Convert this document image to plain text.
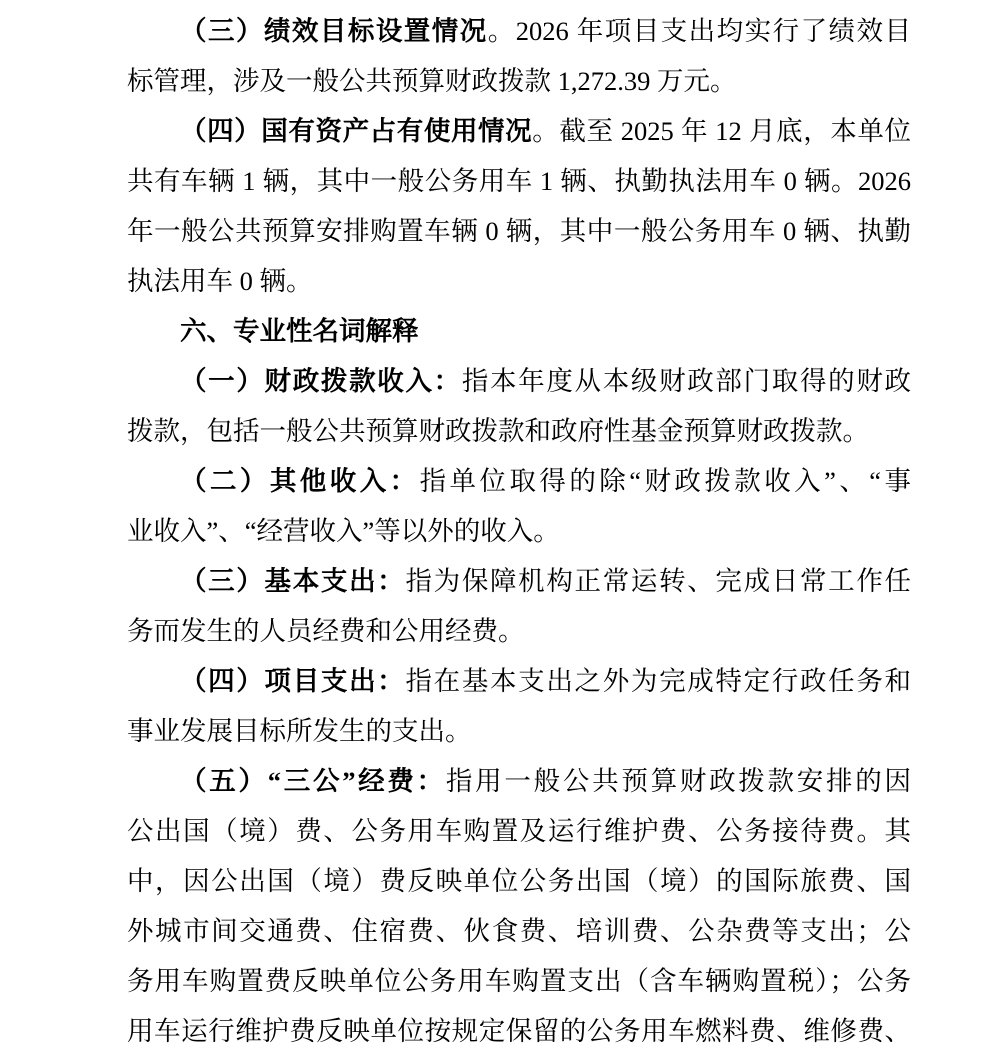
（三）绩效目标设置情况。2026 年项目支出均实行了绩效目
标管理，涉及一般公共预算财政拨款 1,272.39 万元。
（四）国有资产占有使用情况。截至 2025 年 12 月底，本单位
共有车辆 1 辆，其中一般公务用车 1 辆、执勤执法用车 0 辆。2026
年一般公共预算安排购置车辆 0 辆，其中一般公务用车 0 辆、执勤
执法用车 0 辆。
六、专业性名词解释
（一）财政拨款收入：指本年度从本级财政部门取得的财政
拨款，包括一般公共预算财政拨款和政府性基金预算财政拨款。
（二）其他收入：指单位取得的除“财政拨款收入”、“事
业收入”、“经营收入”等以外的收入。
（三）基本支出：指为保障机构正常运转、完成日常工作任
务而发生的人员经费和公用经费。
（四）项目支出：指在基本支出之外为完成特定行政任务和
事业发展目标所发生的支出。
（五）“三公”经费：指用一般公共预算财政拨款安排的因
公出国（境）费、公务用车购置及运行维护费、公务接待费。其
中，因公出国（境）费反映单位公务出国（境）的国际旅费、国
外城市间交通费、住宿费、伙食费、培训费、公杂费等支出；公
务用车购置费反映单位公务用车购置支出（含车辆购置税）；公务
用车运行维护费反映单位按规定保留的公务用车燃料费、维修费、
